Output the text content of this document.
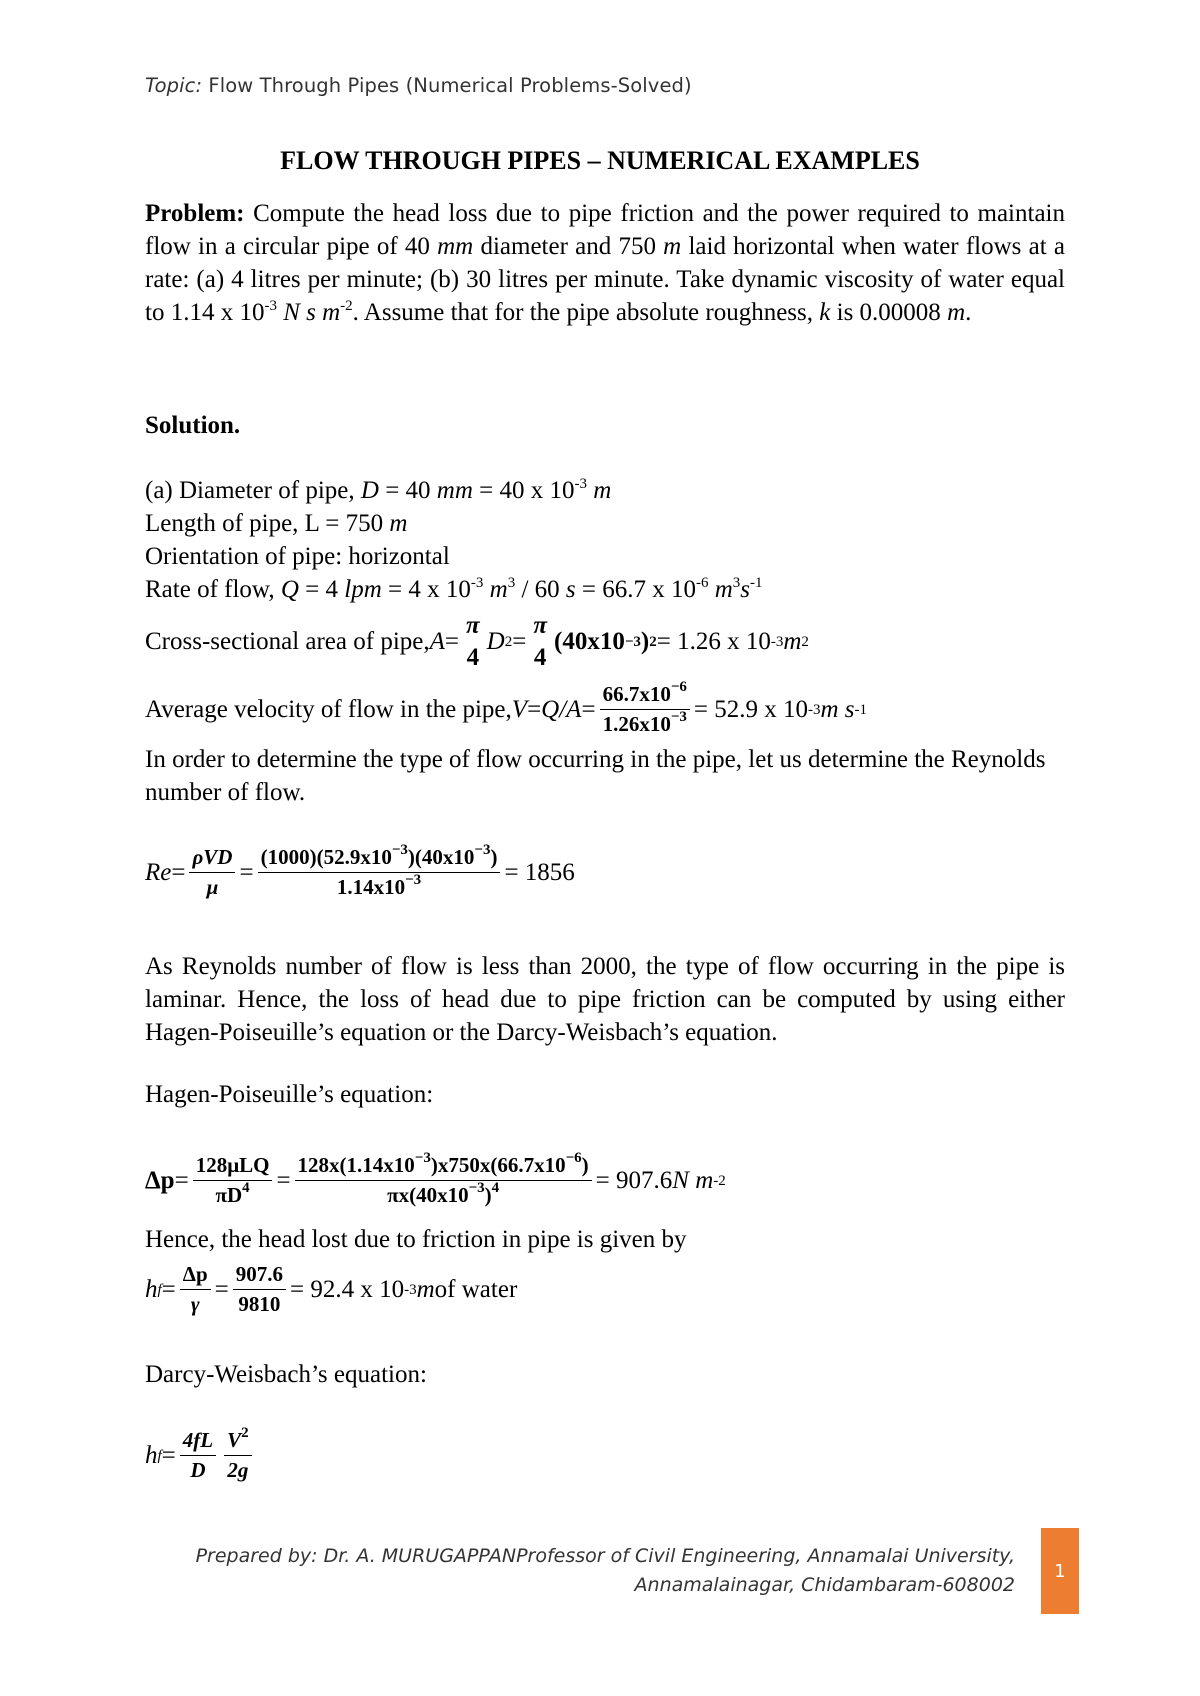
Topic: Flow Through Pipes (Numerical Problems-Solved)
FLOW THROUGH PIPES – NUMERICAL EXAMPLES
Problem: Compute the head loss due to pipe friction and the power required to maintain flow in a circular pipe of 40 mm diameter and 750 m laid horizontal when water flows at a rate: (a) 4 litres per minute; (b) 30 litres per minute. Take dynamic viscosity of water equal to 1.14 x $10^{-3}$ N s $m^{-2}$. Assume that for the pipe absolute roughness, k is 0.00008 m.
Solution.
(a) Diameter of pipe, D = 40 mm = 40 x $10^{-3}$ m
Length of pipe, L = 750 m
Orientation of pipe: horizontal
Rate of flow, Q = 4 lpm = 4 x $10^{-3}$ $m^3 / 60$ s = 66.7 x $10^{-6}$ $m^3s^{-1}$
Cross-sectional area of pipe, A =
π
4
D 2 =
π
4
(40x10 −3 ) 2 = 1.26 x 10 -3 m 2
Average velocity of flow in the pipe, $V = Q/A = \frac{66.7x10^{-6}}{1.26x10^{-3}} = 52.9$ x 10 -3 m s -1
In order to determine the type of flow occurring in the pipe, let us determine the Reynolds number of flow.
$Re = \frac{\text{ρVD}}{\mu} = \frac{(1000)(52.9x10^{-3})(40x10^{-3})}{1.14x10^{-3}} = 1856$
As Reynolds number of flow is less than 2000, the type of flow occurring in the pipe is laminar. Hence, the loss of head due to pipe friction can be computed by using either Hagen-Poiseuille’s equation or the Darcy-Weisbach’s equation.
Hagen-Poiseuille’s equation:
$\Delta p = \frac{\text{128μLQ}}{\pi D^4} = \frac{128x(1.14x10^{-3})x750x(66.7x10^{-6})}{\pi x(40x10^{-3})^4} = 907.6$ N m -2
Hence, the head lost due to friction in pipe is given by
h $f = \frac{\Delta p}{\gamma} = \frac{907.6}{9810} = 92.4$ x 10 -3 m of water
Darcy-Weisbach’s equation:
h $f = \frac{4fL}{D} \frac{V^2}{2g}$
Prepared by: Dr. A. MURUGAPPANProfessor of Civil Engineering, Annamalai University,
Annamalainagar, Chidambaram-608002
1
